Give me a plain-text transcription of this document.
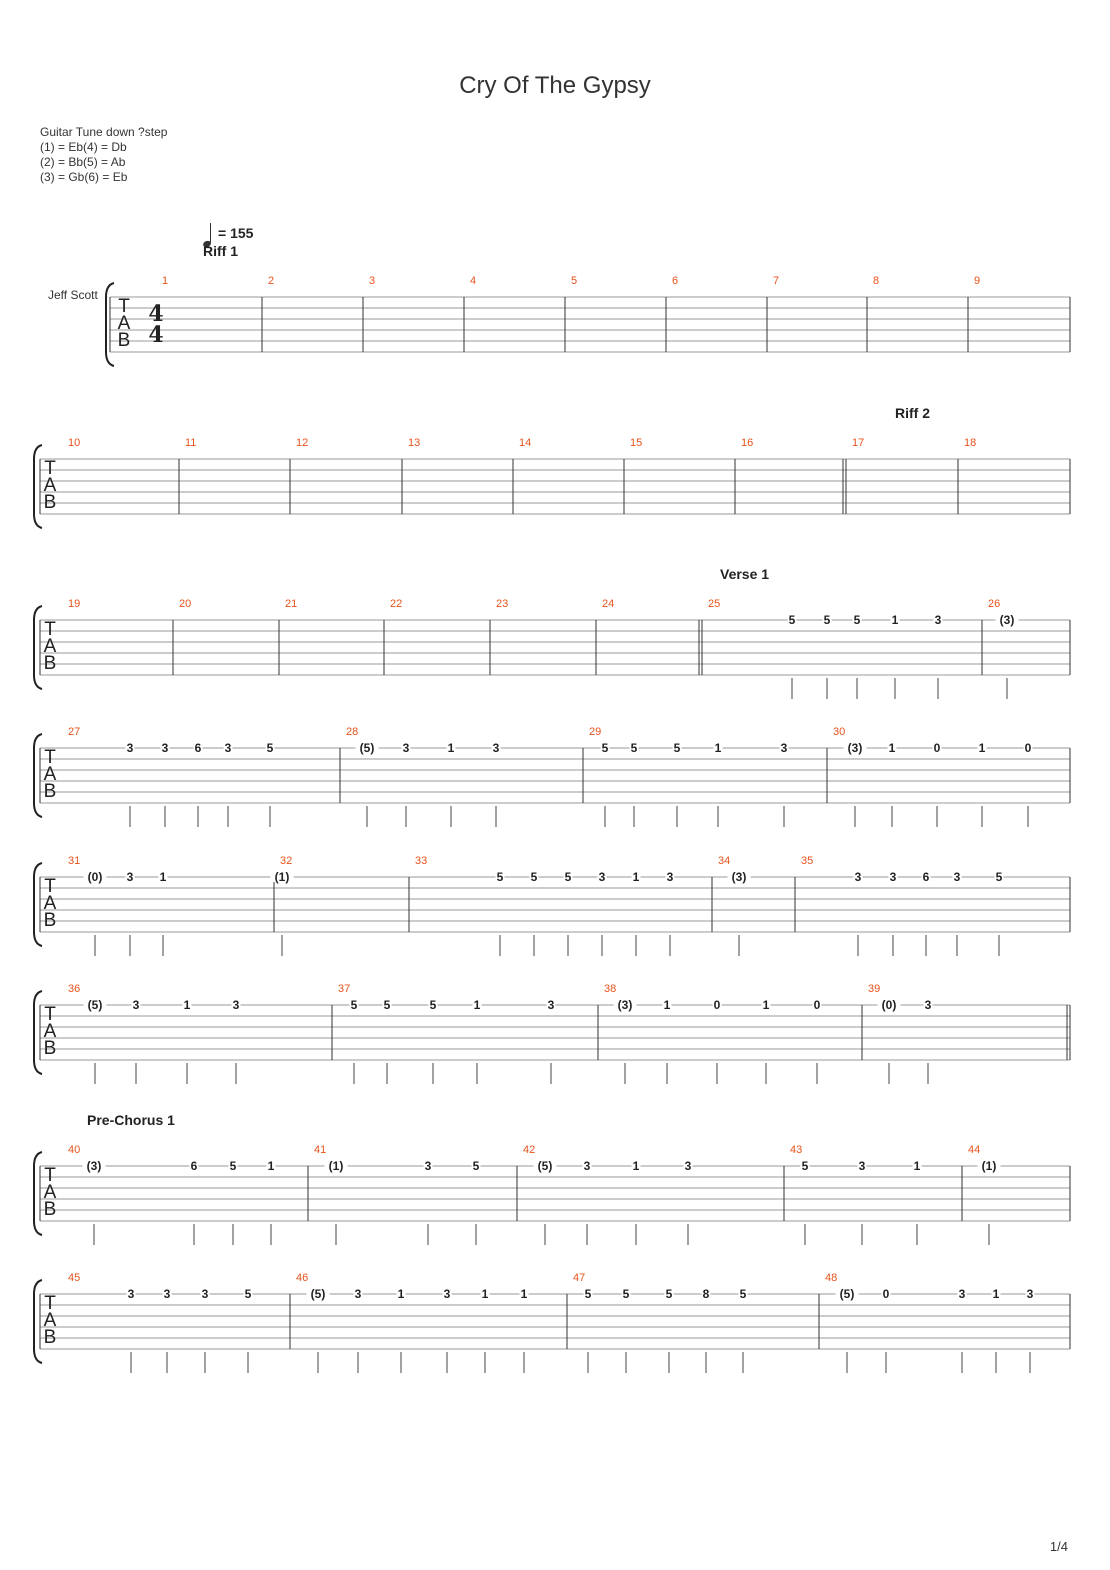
Cry Of The Gypsy
Guitar Tune down ?step
(1) = Eb(4) = Db
(2) = Bb(5) = Ab
(3) = Gb(6) = Eb
= 155
Jeff Scott
T
A
B
4
4
Riff 1
1	2	3	4	5	6	7	8	9
T
A
B
Riff 2
10	11	12	13	14	15	16	17	18
T
A
B
Verse 1
19	20	21	22	23	24	25
5 5 5	1	3
26
(3)
T
A
B
27
3 3 6 3	5
28
(5) 3	1	3
29
5 5	5	1	3
30
(3) 1	0	1	0
T
A
B
31
(0) 3 1
32
(1)
33
5 5 5 3 1 3
34
(3)
35
3 3 6 3	5
T
A
B
36
(5)	3	1	3
37
5 5	5	1	3
38
(3)	1	0	1	0
39
(0) 3
T
A
B
Pre-Chorus 1
40
(3)	6	5	1
41
(1)	3	5
42
(5)	3	1	3
43
5	3	1
44
(1)
T
A
B
45
3 3	3	5
46
(5) 3	1	3	1	1
47
5	5	5	8	5
48
(5) 0	3 1 3
1/4
